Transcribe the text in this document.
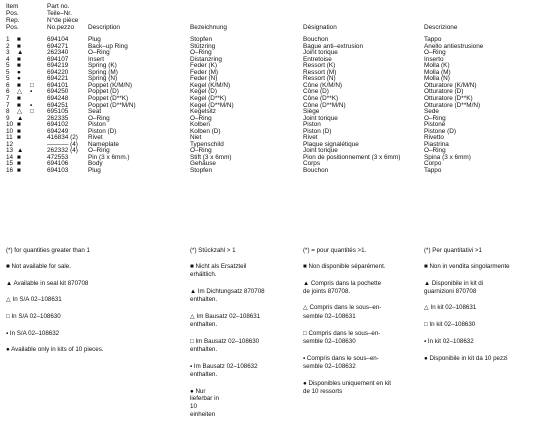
Item
Pos.
Rep.
Pos.
Part no.
Teile–Nr.
N°de pièce
No.pezzo Description	Bezeichnung	Désignation	Descrizione
1 ■	694104	Plug	Stopfen	Bouchon	Tappo
2 ■	694271	Back–up Ring	Stützring	Bague anti–extrusion	Anello antiestrusione
3 ▲	262340	O–Ring	O–Ring	Joint torique	O–Ring
4 ■	694107	Insert	Distanzring	Entretoise	Inserto
5 ■	694219	Spring (K)	Feder (K)	Ressort (K)	Molla (K)
5 ●	694220	Spring (M)	Feder (M)	Ressort (M)	Molla (M)
5 ●	694221	Spring (N)	Feder (N)	Ressort (N)	Molla (N)
6 ■ □ 694101	Poppet (K/M/N)	Kegel (K/M/N)	Cône (K/M/N)	Otturatore (K/M/N)
6 △ ▪ 694250	Poppet (D)	Kegel (D)	Cône (D)	Otturatore (D)
7 ■	694248	Poppet (D**K)	Kegel (D**K)	Cône (D**K)	Otturatore (D**K)
7 ■ ▪ 694251	Poppet (D**M/N)	Kegel (D**M/N)	Cône (D**M/N)	Otturatore (D**M/N)
8 △ □ 695105	Seat	Kegelsitz	Siège	Sede
9 ▲	262335	O–Ring	O–Ring	Joint torique	O–Ring
10 ■	694102	Piston	Kolben	Piston	Pistone
10 ■	694249	Piston (D)	Kolben (D)	Piston (D)	Pistone (D)
11 ■	416834 (2) Rivet	Niet	Rivet	Rivetto
12	–––––– (4) Nameplate	Typenschild	Plaque signalétique	Piastrina
13 ▲	262332 (4) O–Ring	O–Ring	Joint torique	O–Ring
14 ■	472553	Pin (3 x 6mm.)	Stift (3 x 6mm)	Pion de positionnement (3 x 6mm)	Spina (3 x 6mm)
15 ■	694106	Body	Gehäuse	Corps	Corpo
16 ■	694103	Plug	Stopfen	Bouchon	Tappo
(*) for quantities greater than 1
■ Not available for sale.
▲ Available in seal kit 870708
△ In S/A 02–108631
□ In S/A 02–108630
▪ In S/A 02–108632
● Available only in kits of 10 pieces.
(*) Stückzahl > 1
■ Nicht als Ersatzteil
erhältlich.
▲ Im Dichtungsatz 870708
enthalten.
△ Im Bausatz 02–108631
enthalten.
□ Im Bausatz 02–108630
enthalten.
▪ Im Bausatz 02–108632
enthalten.
● Nur
lieferbar in
10
einheiten
(*) = pour quantités >1.
■ Non disponible séparément.
▲ Compris dans la pochette
de joints 870708.
△ Compris dans le sous–en-
semble 02–108631
□ Compris dans le sous–en-
semble 02–108630
▪ Compris dans le sous–en-
semble 02–108632
● Disponibles uniquement en kit
de 10 ressorts
(*) Per quantitativi >1
■ Non in vendita singolarmente
▲ Disponibile in kit di
guarnizioni 870708
△ In kit 02–108631
□ In kit 02–108630
▪ In kit 02–108632
● Disponibile in kit da 10 pezzi
